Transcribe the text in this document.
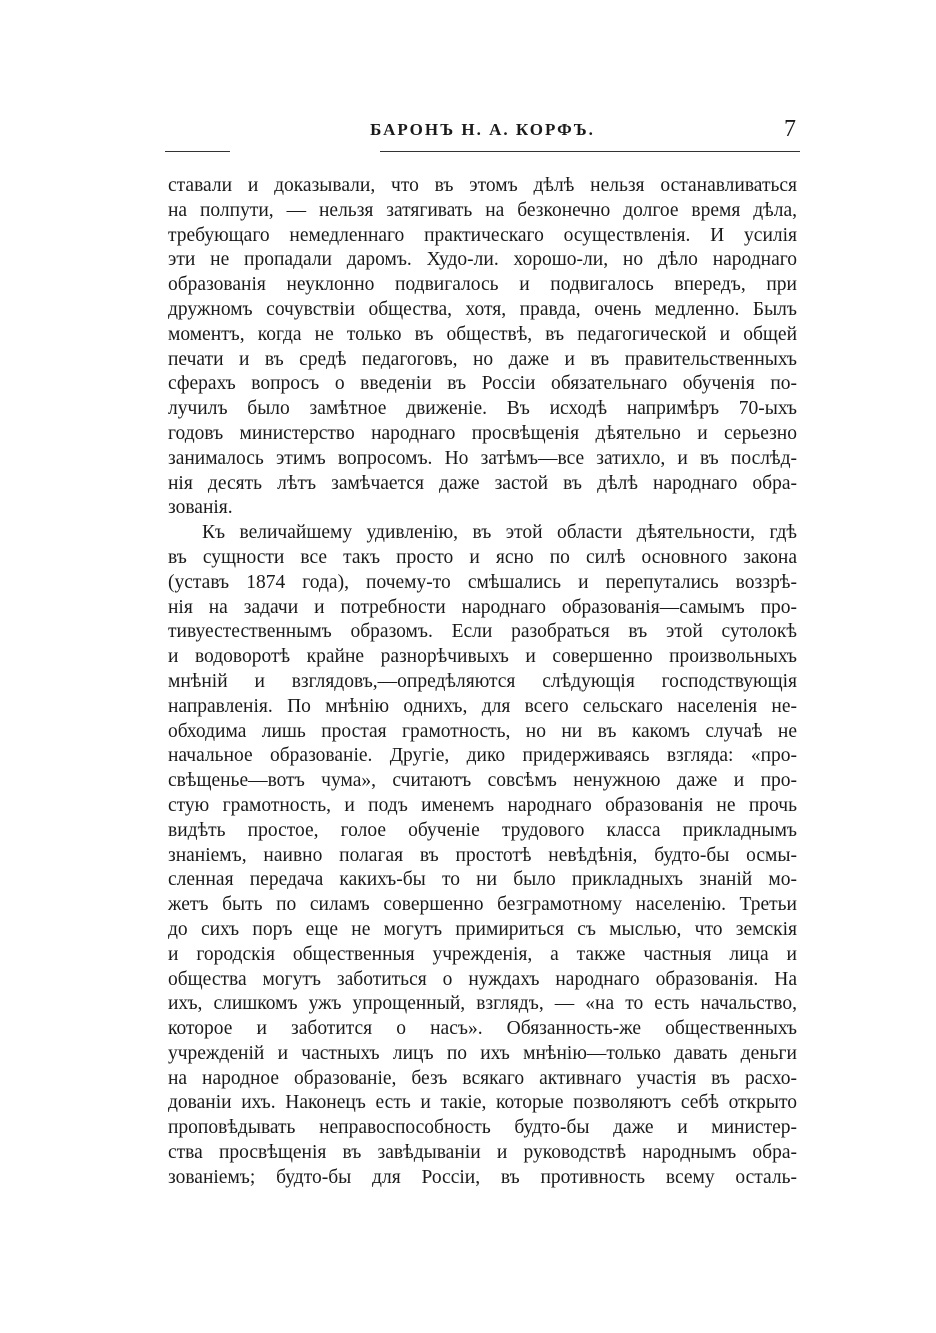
БАРОНЪ Н. А. КОРФЪ.	7
ставали и доказывали, что въ этомъ дѣлѣ нельзя останавливаться
на полпути, — нельзя затягивать на безконечно долгое время дѣла,
требующаго немедленнаго практическаго осуществленія. И усилія
эти не пропадали даромъ. Худо-ли. хорошо-ли, но дѣло народнаго
образованія неуклонно подвигалось и подвигалось впередъ, при
дружномъ сочувствіи общества, хотя, правда, очень медленно. Былъ
моментъ, когда не только въ обществѣ, въ педагогической и общей
печати и въ средѣ педагоговъ, но даже и въ правительственныхъ
сферахъ вопросъ о введеніи въ Россіи обязательнаго обученія по-
лучилъ было замѣтное движеніе. Въ исходѣ напримѣръ 70-ыхъ
годовъ министерство народнаго просвѣщенія дѣятельно и серьезно
занималось этимъ вопросомъ. Но затѣмъ—все затихло, и въ послѣд-
нія десять лѣтъ замѣчается даже застой въ дѣлѣ народнаго обра-
зованія.
Къ величайшему удивленію, въ этой области дѣятельности, гдѣ
въ сущности все такъ просто и ясно по силѣ основного закона
(уставъ 1874 года), почему-то смѣшались и перепутались воззрѣ-
нія на задачи и потребности народнаго образованія—самымъ про-
тивуестественнымъ образомъ. Если разобраться въ этой сутолокѣ
и водоворотѣ крайне разнорѣчивыхъ и совершенно произвольныхъ
мнѣній и взглядовъ,—опредѣляются слѣдующія господствующія
направленія. По мнѣнію однихъ, для всего сельскаго населенія не-
обходима лишь простая грамотность, но ни въ какомъ случаѣ не
начальное образованіе. Другіе, дико придерживаясь взгляда: «про-
свѣщенье—вотъ чума», считаютъ совсѣмъ ненужною даже и про-
стую грамотность, и подъ именемъ народнаго образованія не прочь
видѣть простое, голое обученіе трудового класса прикладнымъ
знаніемъ, наивно полагая въ простотѣ невѣдѣнія, будто-бы осмы-
сленная передача какихъ-бы то ни было прикладныхъ знаній мо-
жетъ быть по силамъ совершенно безграмотному населенію. Третьи
до сихъ поръ еще не могутъ примириться съ мыслью, что земскія
и городскія общественныя учрежденія, а также частныя лица и
общества могутъ заботиться о нуждахъ народнаго образованія. На
ихъ, слишкомъ ужъ упрощенный, взглядъ, — «на то есть начальство,
которое и заботится о насъ». Обязанность-же общественныхъ
учрежденій и частныхъ лицъ по ихъ мнѣнію—только давать деньги
на народное образованіе, безъ всякаго активнаго участія въ расхо-
дованіи ихъ. Наконецъ есть и такіе, которые позволяютъ себѣ открыто
проповѣдывать неправоспособность будто-бы даже и министер-
ства просвѣщенія въ завѣдываніи и руководствѣ народнымъ обра-
зованіемъ; будто-бы для Россіи, въ противность всему осталь-
